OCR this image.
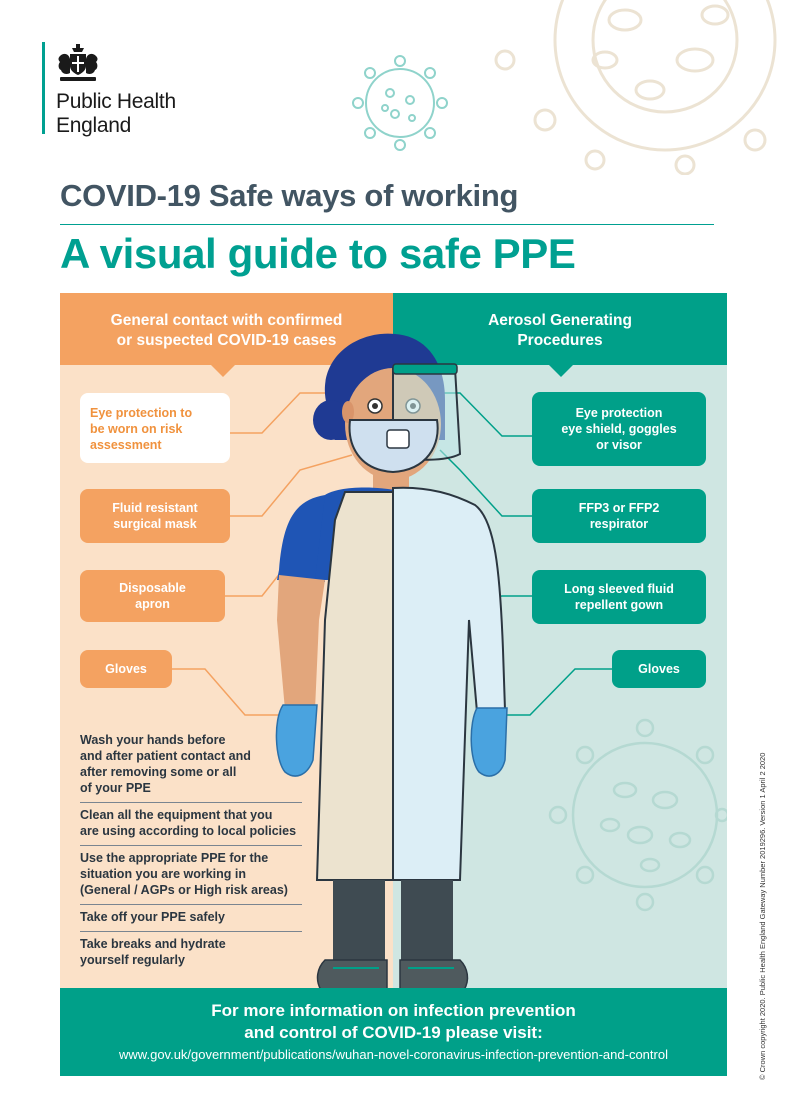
Public Health
England
COVID-19 Safe ways of working
A visual guide to safe PPE
General contact with confirmed
or suspected COVID-19 cases
Aerosol Generating
Procedures
Eye protection to
be worn on risk
assessment
Fluid resistant
surgical mask
Disposable
apron
Gloves
Eye protection
eye shield, goggles
or visor
FFP3 or FFP2
respirator
Long sleeved fluid
repellent gown
Gloves
Wash your hands before
and after patient contact and
after removing some or all
of your PPE
Clean all the equipment that you
are using according to local policies
Use the appropriate PPE for the
situation you are working in
(General / AGPs or High risk areas)
Take off your PPE safely
Take breaks and hydrate
yourself regularly
For more information on infection prevention
and control of COVID-19 please visit:
www.gov.uk/government/publications/wuhan-novel-coronavirus-infection-prevention-and-control	© Crown copyright 2020. Public Health England Gateway Number 2019296. Version 1 April 2 2020
